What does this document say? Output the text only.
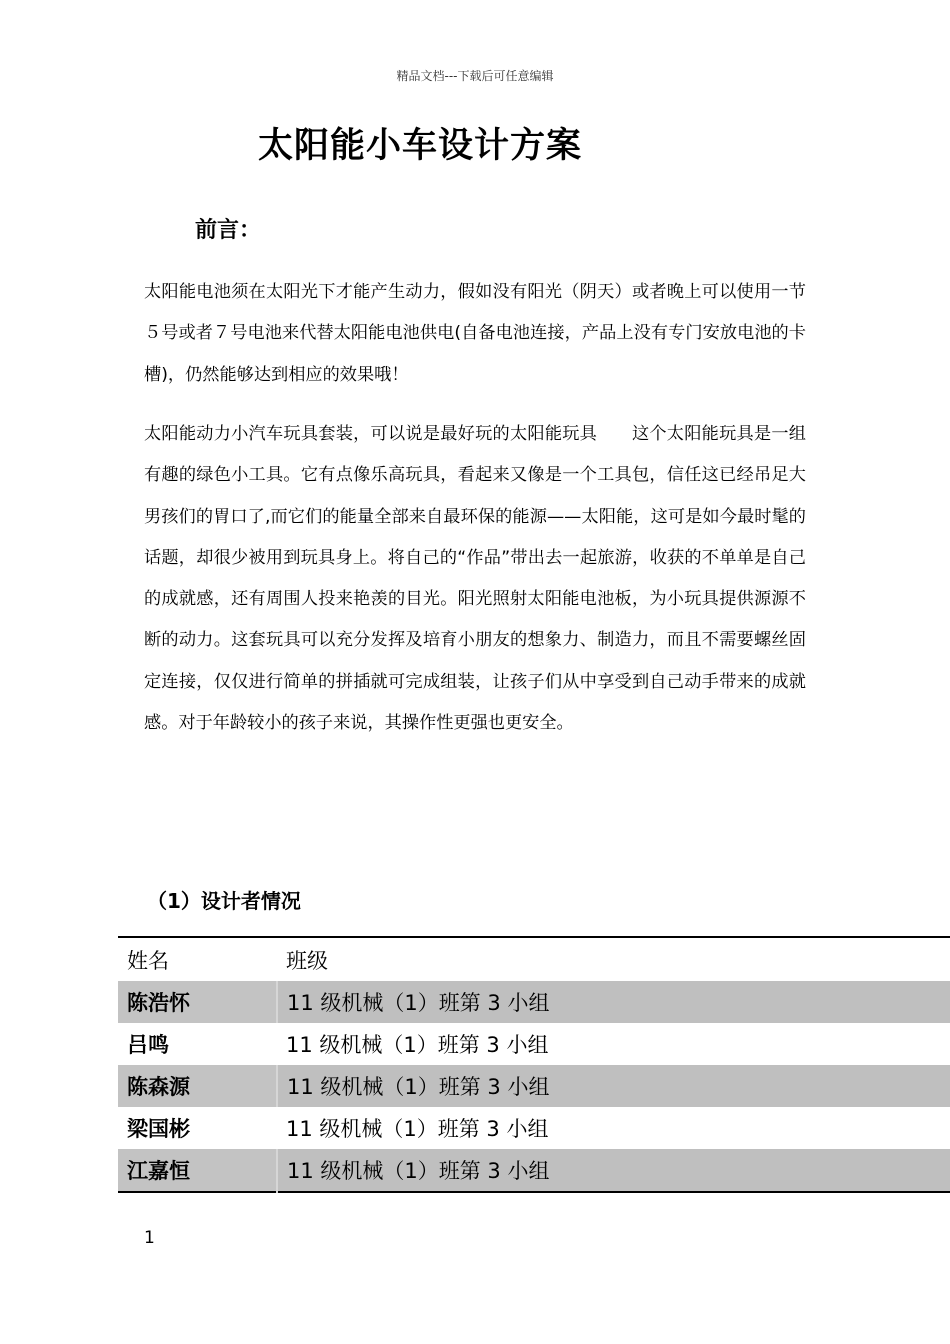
精品文档---下载后可任意编辑
太阳能小车设计方案
前言：

太阳能电池须在太阳光下才能产生动力，假如没有阳光（阴天）或者晚上可以使用一节５号或者７号电池来代替太阳能电池供电(自备电池连接，产品上没有专门安放电池的卡槽)，仍然能够达到相应的效果哦！

太阳能动力小汽车玩具套装，可以说是最好玩的太阳能玩具　　这个太阳能玩具是一组有趣的绿色小工具。它有点像乐高玩具，看起来又像是一个工具包，信任这已经吊足大男孩们的胃口了,而它们的能量全部来自最环保的能源——太阳能，这可是如今最时髦的话题，却很少被用到玩具身上。将自己的“作品”带出去一起旅游，收获的不单单是自己的成就感，还有周围人投来艳羡的目光。阳光照射太阳能电池板，为小玩具提供源源不断的动力。这套玩具可以充分发挥及培育小朋友的想象力、制造力，而且不需要螺丝固定连接，仅仅进行简单的拼插就可完成组装，让孩子们从中享受到自己动手带来的成就感。对于年龄较小的孩子来说，其操作性更强也更安全。

（1）设计者情况
姓名	班级
陈浩怀	11 级机械（1）班第 3 小组
吕鸣	11 级机械（1）班第 3 小组
陈森源	11 级机械（1）班第 3 小组
梁国彬	11 级机械（1）班第 3 小组
江嘉恒	11 级机械（1）班第 3 小组
1
